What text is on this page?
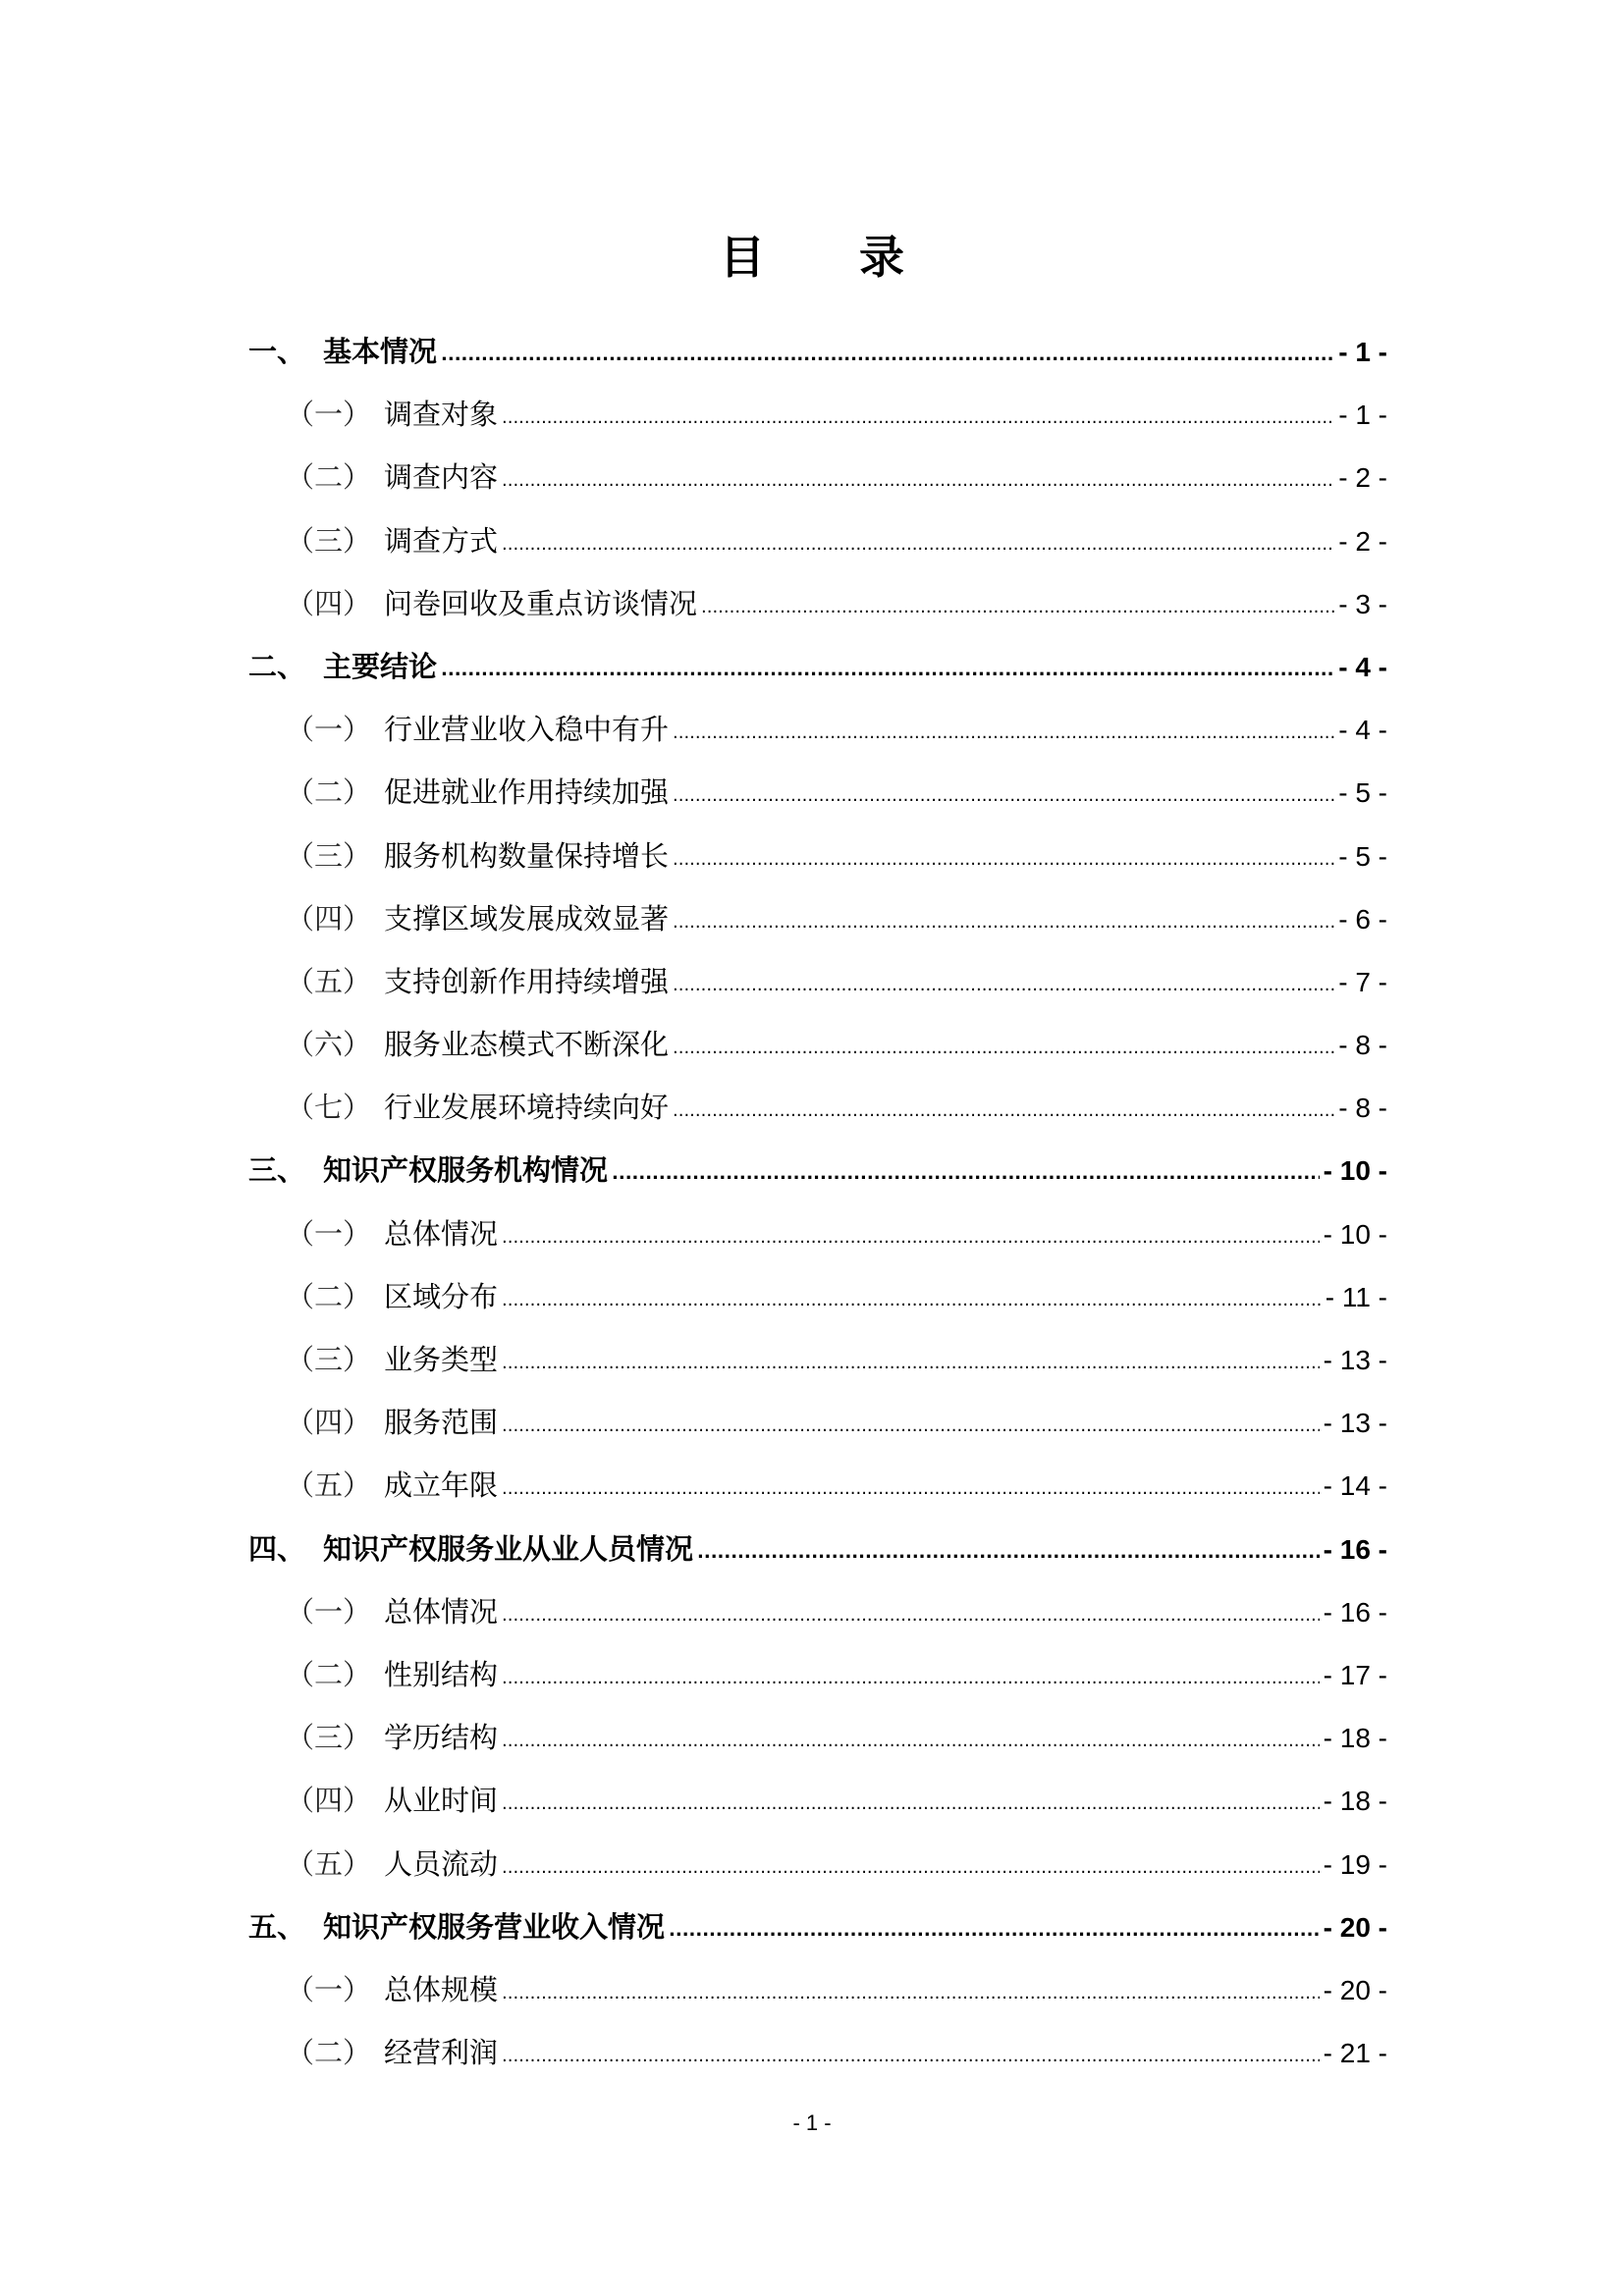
目 录
一、 基本情况 .....	- 1 -
（一） 调查对象 .....	- 1 -
（二） 调查内容 .....	- 2 -
（三） 调查方式 .....	- 2 -
（四） 问卷回收及重点访谈情况 .....	- 3 -
二、 主要结论 .....	- 4 -
（一） 行业营业收入稳中有升 .....	- 4 -
（二） 促进就业作用持续加强 .....	- 5 -
（三） 服务机构数量保持增长 .....	- 5 -
（四） 支撑区域发展成效显著 .....	- 6 -
（五） 支持创新作用持续增强 .....	- 7 -
（六） 服务业态模式不断深化 .....	- 8 -
（七） 行业发展环境持续向好 .....	- 8 -
三、 知识产权服务机构情况 .....	- 10 -
（一） 总体情况 .....	- 10 -
（二） 区域分布 .....	- 11 -
（三） 业务类型 .....	- 13 -
（四） 服务范围 .....	- 13 -
（五） 成立年限 .....	- 14 -
四、 知识产权服务业从业人员情况 .....	- 16 -
（一） 总体情况 .....	- 16 -
（二） 性别结构 .....	- 17 -
（三） 学历结构 .....	- 18 -
（四） 从业时间 .....	- 18 -
（五） 人员流动 .....	- 19 -
五、 知识产权服务营业收入情况 .....	- 20 -
（一） 总体规模 .....	- 20 -
（二） 经营利润 .....	- 21 -
- 1 -
